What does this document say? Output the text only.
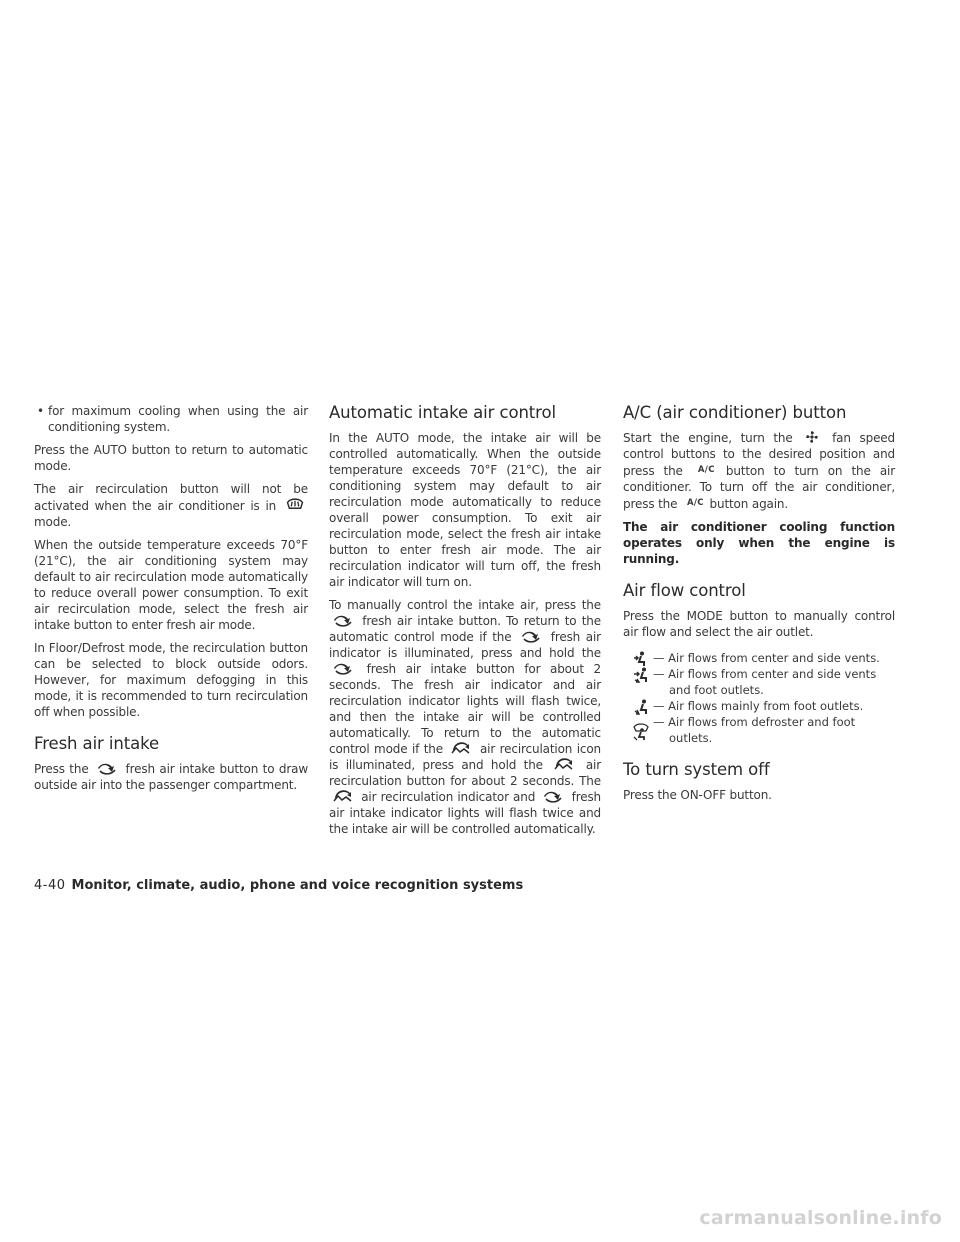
• for maximum cooling when using the air conditioning system.

Press the AUTO button to return to automatic mode.

The air recirculation button will not be activated when the air conditioner is in  mode.

When the outside temperature exceeds 70°F (21°C), the air conditioning system may default to air recirculation mode automatically to reduce overall power consumption. To exit air recirculation mode, select the fresh air intake button to enter fresh air mode.

In Floor/Defrost mode, the recirculation button can be selected to block outside odors. However, for maximum defogging in this mode, it is recommended to turn recirculation off when possible.

Fresh air intake

Press the	fresh air intake button to draw outside air into the passenger compartment.

Automatic intake air control

In the AUTO mode, the intake air will be controlled automatically. When the outside temperature exceeds 70°F (21°C), the air conditioning system may default to air recirculation mode automatically to reduce overall power consumption. To exit air recirculation mode, select the fresh air intake button to enter fresh air mode. The air recirculation indicator will turn off, the fresh air indicator will turn on.

To manually control the intake air, press the  fresh air intake button. To return to the automatic control mode if the	fresh air indicator is illuminated, press and hold the  fresh air intake button for about 2 seconds. The fresh air indicator and air recirculation indicator lights will flash twice, and then the intake air will be controlled automatically. To return to the automatic control mode if the	air recirculation icon is illuminated, press and hold the	air recirculation button for about 2 seconds. The  air recirculation indicator and	fresh air intake indicator lights will flash twice and the intake air will be controlled automatically.

A/C (air conditioner) button

Start the engine, turn the	fan speed control buttons to the desired position and press the A/C button to turn on the air conditioner. To turn off the air conditioner, press the A/C button again.

The air conditioner cooling function operates only when the engine is running.

Air flow control

Press the MODE button to manually control air flow and select the air outlet.

— Air flows from center and side vents.
— Air flows from center and side vents and foot outlets.
— Air flows mainly from foot outlets.
— Air flows from defroster and foot outlets.
To turn system off

Press the ON-OFF button.

4-40 Monitor, climate, audio, phone and voice recognition systems
carmanualsonline.info
